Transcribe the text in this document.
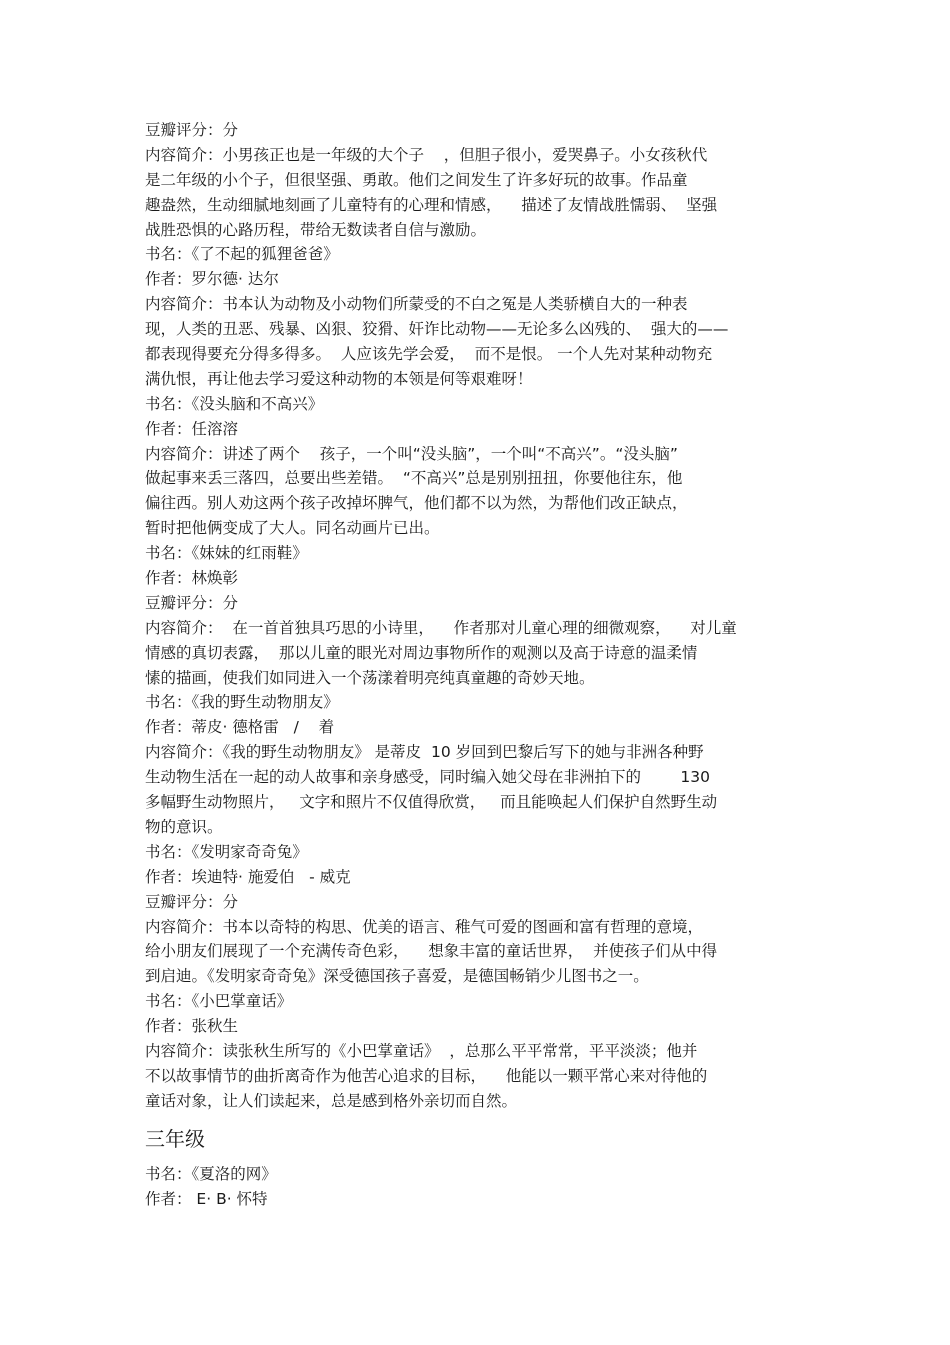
豆瓣评分：分
内容简介：小男孩正也是一年级的大个子    ，但胆子很小，爱哭鼻子。小女孩秋代
是二年级的小个子，但很坚强、勇敢。他们之间发生了许多好玩的故事。作品童
趣盎然，生动细腻地刻画了儿童特有的心理和情感，    描述了友情战胜懦弱、  坚强
战胜恐惧的心路历程，带给无数读者自信与激励。
书名：《了不起的狐狸爸爸》
作者：罗尔德· 达尔
内容简介：书本认为动物及小动物们所蒙受的不白之冤是人类骄横自大的一种表
现，人类的丑恶、残暴、凶狠、狡猾、奸诈比动物——无论多么凶残的、  强大的——
都表现得要充分得多得多。  人应该先学会爱，  而不是恨。 一个人先对某种动物充
满仇恨，再让他去学习爱这种动物的本领是何等艰难呀！
书名：《没头脑和不高兴》
作者：任溶溶
内容简介：讲述了两个    孩子，一个叫“没头脑”，一个叫“不高兴”。“没头脑”
做起事来丢三落四，总要出些差错。  “不高兴”总是别别扭扭，你要他往东，他
偏往西。别人劝这两个孩子改掉坏脾气，他们都不以为然，为帮他们改正缺点，
暂时把他俩变成了大人。同名动画片已出。
书名：《妹妹的红雨鞋》
作者：林焕彰
豆瓣评分：分
内容简介：  在一首首独具巧思的小诗里，    作者那对儿童心理的细微观察，    对儿童
情感的真切表露，  那以儿童的眼光对周边事物所作的观测以及高于诗意的温柔情
愫的描画，使我们如同进入一个荡漾着明亮纯真童趣的奇妙天地。
书名：《我的野生动物朋友》
作者：蒂皮· 德格雷   /    着
内容简介：《我的野生动物朋友》 是蒂皮  10 岁回到巴黎后写下的她与非洲各种野
生动物生活在一起的动人故事和亲身感受，同时编入她父母在非洲拍下的        130
多幅野生动物照片，   文字和照片不仅值得欣赏，   而且能唤起人们保护自然野生动
物的意识。
书名：《发明家奇奇兔》
作者：埃迪特· 施爱伯   - 威克
豆瓣评分：分
内容简介：书本以奇特的构思、优美的语言、稚气可爱的图画和富有哲理的意境，
给小朋友们展现了一个充满传奇色彩，    想象丰富的童话世界，  并使孩子们从中得
到启迪。《发明家奇奇兔》深受德国孩子喜爱，是德国畅销少儿图书之一。
书名：《小巴掌童话》
作者：张秋生
内容简介：读张秋生所写的《小巴掌童话》  ，总那么平平常常，平平淡淡；他并
不以故事情节的曲折离奇作为他苦心追求的目标，    他能以一颗平常心来对待他的
童话对象，让人们读起来，总是感到格外亲切而自然。
三年级
书名：《夏洛的网》
作者： E· B· 怀特
